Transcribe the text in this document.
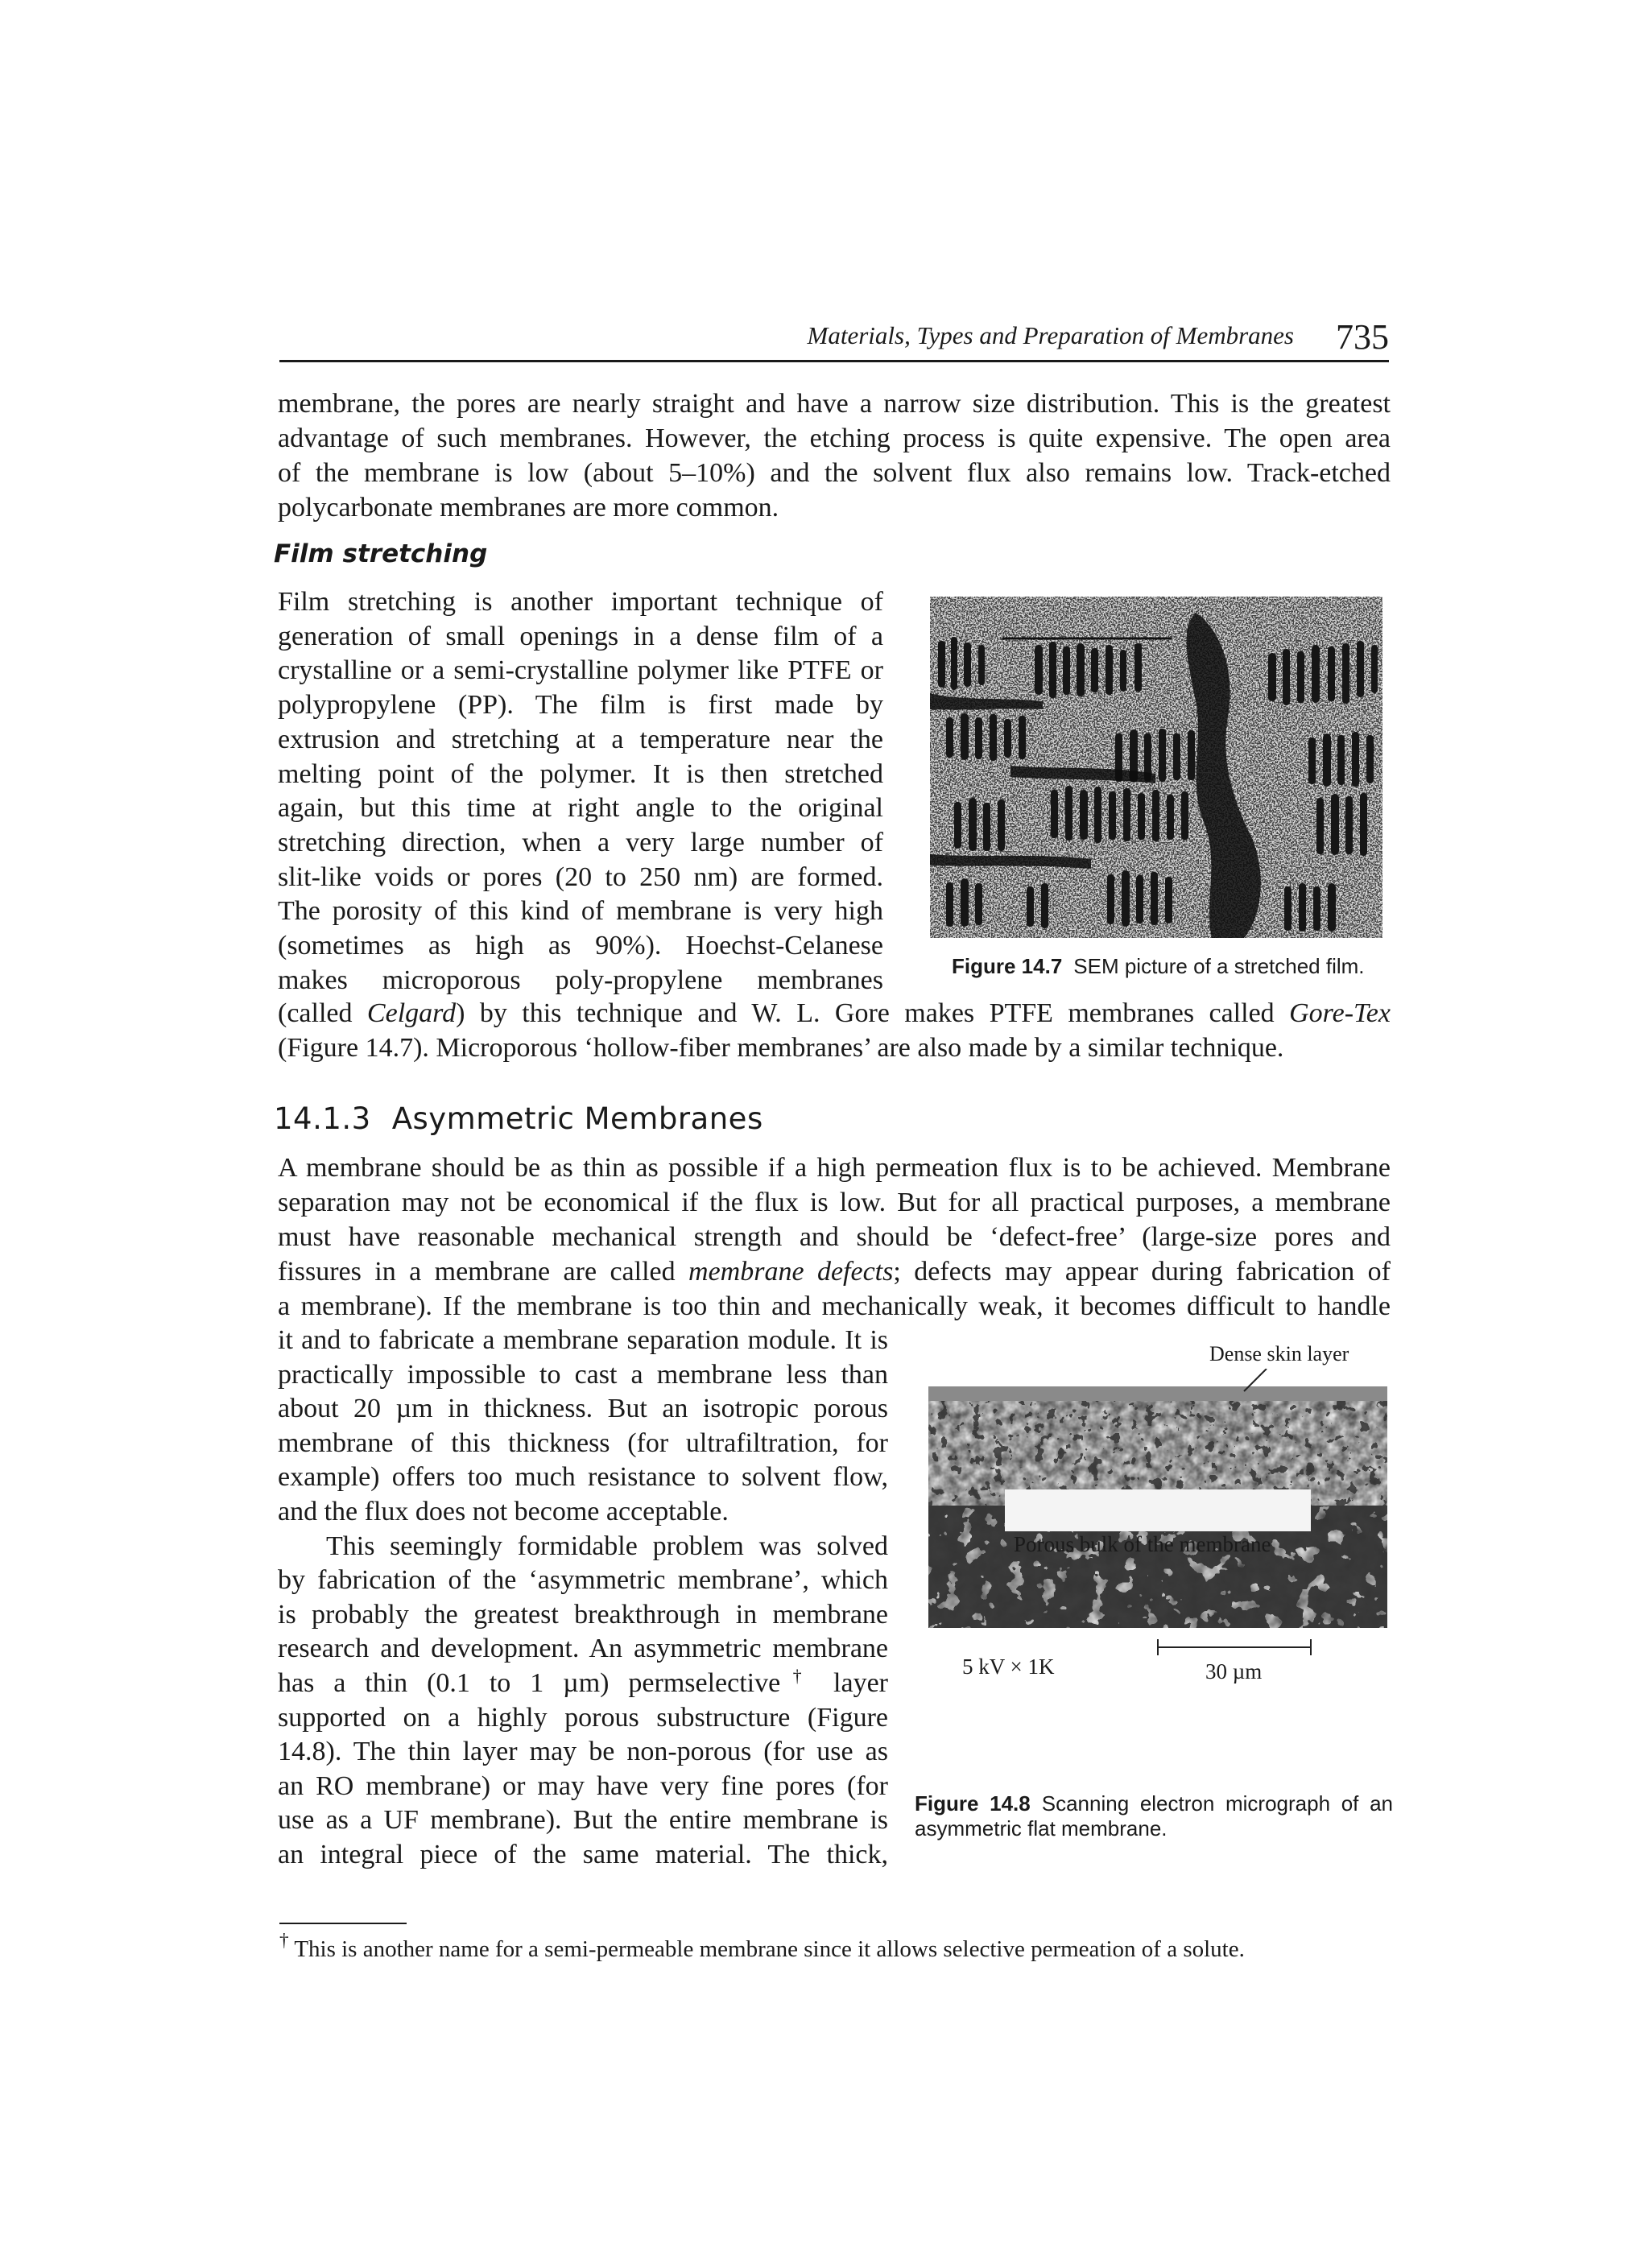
Materials, Types and Preparation of Membranes 735
membrane, the pores are nearly straight and have a narrow size distribution. This is the greatest
advantage of such membranes. However, the etching process is quite expensive. The open area
of the membrane is low (about 5–10%) and the solvent flux also remains low. Track-etched
polycarbonate membranes are more common.
Film stretching
Film stretching is another important technique of
generation of small openings in a dense film of a
crystalline or a semi-crystalline polymer like PTFE or
polypropylene (PP). The film is first made by
extrusion and stretching at a temperature near the
melting point of the polymer. It is then stretched
again, but this time at right angle to the original
stretching direction, when a very large number of
slit-like voids or pores (20 to 250 nm) are formed.
The porosity of this kind of membrane is very high
(sometimes as high as 90%). Hoechst-Celanese
makes microporous poly-propylene membranes
(called Celgard) by this technique and W. L. Gore makes PTFE membranes called Gore-Tex
(Figure 14.7). Microporous ‘hollow-fiber membranes’ are also made by a similar technique.
Figure 14.7 SEM picture of a stretched film.
14.1.3 Asymmetric Membranes
A membrane should be as thin as possible if a high permeation flux is to be achieved. Membrane
separation may not be economical if the flux is low. But for all practical purposes, a membrane
must have reasonable mechanical strength and should be ‘defect-free’ (large-size pores and
fissures in a membrane are called membrane defects; defects may appear during fabrication of
a membrane). If the membrane is too thin and mechanically weak, it becomes difficult to handle
it and to fabricate a membrane separation module. It is
practically impossible to cast a membrane less than
about 20 µm in thickness. But an isotropic porous
membrane of this thickness (for ultrafiltration, for
example) offers too much resistance to solvent flow,
and the flux does not become acceptable.
This seemingly formidable problem was solved
by fabrication of the ‘asymmetric membrane’, which
is probably the greatest breakthrough in membrane
research and development. An asymmetric membrane
has a thin (0.1 to 1 µm) permselective† layer
supported on a highly porous substructure (Figure
14.8). The thin layer may be non-porous (for use as
an RO membrane) or may have very fine pores (for
use as a UF membrane). But the entire membrane is
an integral piece of the same material. The thick,
Dense skin layer
Porous bulk of the membrane
5 kV × 1K	30 µm
Figure 14.8 Scanning electron micrograph of an
asymmetric flat membrane.
† This is another name for a semi-permeable membrane since it allows selective permeation of a solute.
